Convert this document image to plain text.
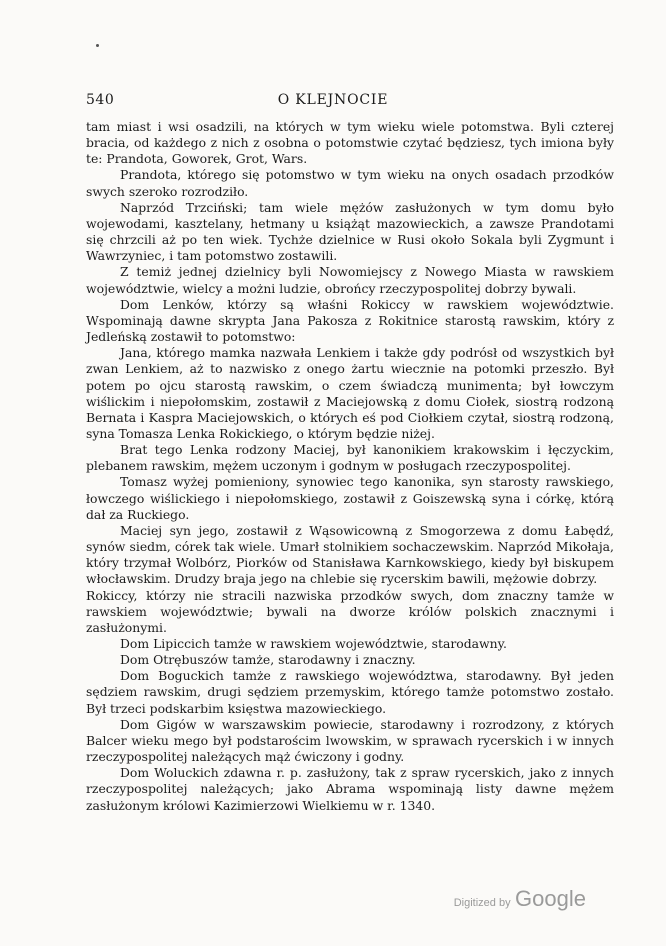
540	O KLEJNOCIE

tam miast i wsi osadzili, na których w tym wieku wiele potomstwa. Byli czterej bracia, od każdego z nich z osobna o potomstwie czytać będziesz, tych imiona były te: Prandota, Goworek, Grot, Wars.

Prandota, którego się potomstwo w tym wieku na onych osadach przodków swych szeroko rozrodziło.

Naprzód Trzciński; tam wiele mężów zasłużonych w tym domu było wojewodami, kasztelany, hetmany u książąt mazowieckich, a zawsze Prandotami się chrzcili aż po ten wiek. Tychże dzielnice w Rusi około Sokala byli Zygmunt i Wawrzyniec, i tam potomstwo zostawili.

Z temiż jednej dzielnicy byli Nowomiejscy z Nowego Miasta w rawskiem województwie, wielcy a możni ludzie, obrońcy rzeczypospolitej dobrzy bywali.

Dom Lenków, którzy są właśni Rokiccy w rawskiem województwie. Wspominają dawne skrypta Jana Pakosza z Rokitnice starostą rawskim, który z Jedleńską zostawił to potomstwo:

Jana, którego mamka nazwała Lenkiem i także gdy podrósł od wszystkich był zwan Lenkiem, aż to nazwisko z onego żartu wiecznie na potomki przeszło. Był potem po ojcu starostą rawskim, o czem świadczą munimenta; był łowczym wiślickim i niepołomskim, zostawił z Maciejowską z domu Ciołek, siostrą rodzoną Bernata i Kaspra Maciejowskich, o których eś pod Ciołkiem czytał, siostrą rodzoną, syna Tomasza Lenka Rokickiego, o którym będzie niżej.

Brat tego Lenka rodzony Maciej, był kanonikiem krakowskim i łęczyckim, plebanem rawskim, mężem uczonym i godnym w posługach rzeczypospolitej.

Tomasz wyżej pomieniony, synowiec tego kanonika, syn starosty rawskiego, łowczego wiślickiego i niepołomskiego, zostawił z Goiszewską syna i córkę, którą dał za Ruckiego.

Maciej syn jego, zostawił z Wąsowicowną z Smogorzewa z domu Łabędź, synów siedm, córek tak wiele. Umarł stolnikiem sochaczewskim. Naprzód Mikołaja, który trzymał Wolbórz, Piorków od Stanisława Karnkowskiego, kiedy był biskupem włocławskim. Drudzy braja jego na chlebie się rycerskim bawili, mężowie dobrzy.

Rokiccy, którzy nie stracili nazwiska przodków swych, dom znaczny tamże w rawskiem województwie; bywali na dworze królów polskich znacznymi i zasłużonymi.

Dom Lipiccich tamże w rawskiem województwie, starodawny.

Dom Otrębuszów tamże, starodawny i znaczny.

Dom Boguckich tamże z rawskiego województwa, starodawny. Był jeden sędziem rawskim, drugi sędziem przemyskim, którego tamże potomstwo zostało. Był trzeci podskarbim księstwa mazowieckiego.

Dom Gigów w warszawskim powiecie, starodawny i rozrodzony, z których Balcer wieku mego był podstarościm lwowskim, w sprawach rycerskich i w innych rzeczypospolitej należących mąż ćwiczony i godny.

Dom Woluckich zdawna r. p. zasłużony, tak z spraw rycerskich, jako z innych rzeczypospolitej należących; jako Abrama wspominają listy dawne mężem zasłużonym królowi Kazimierzowi Wielkiemu w r. 1340.

Digitized by Google
